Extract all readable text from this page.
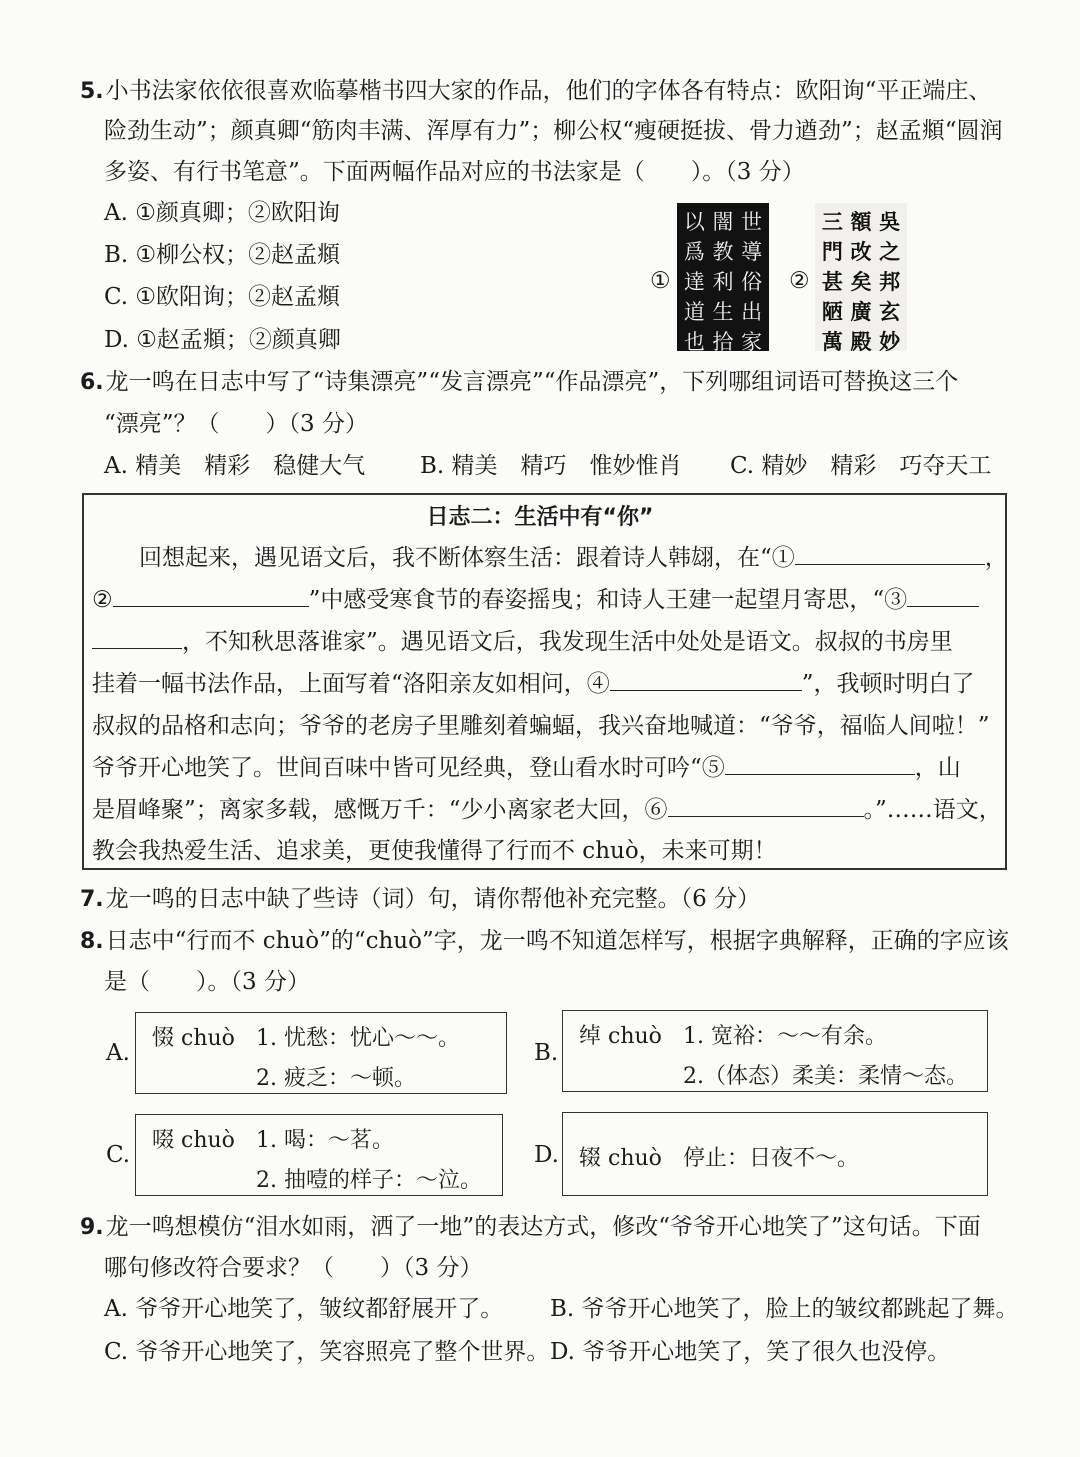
5.小书法家依依很喜欢临摹楷书四大家的作品，他们的字体各有特点：欧阳询“平正端庄、
险劲生动”；颜真卿“筋肉丰满、浑厚有力”；柳公权“瘦硬挺拔、骨力遒劲”；赵孟頫“圆润
多姿、有行书笔意”。下面两幅作品对应的书法家是（　　）。（3 分）
A. ①颜真卿；②欧阳询
B. ①柳公权；②赵孟頫
C. ①欧阳询；②赵孟頫
D. ①赵孟頫；②颜真卿
①
以 闇 世
爲 教 導
達 利 俗
道 生 出
也 拾 家
②
三 額 吳
門 改 之
甚 矣 邦
陋 廣 玄
萬 殿 妙
6.龙一鸣在日志中写了“诗集漂亮”“发言漂亮”“作品漂亮”，下列哪组词语可替换这三个
“漂亮”？（　　）（3 分）
A. 精美　精彩　稳健大气 B. 精美　精巧　惟妙惟肖 C. 精妙　精彩　巧夺天工
日志二：生活中有“你”
回想起来，遇见语文后，我不断体察生活：跟着诗人韩翃，在“①	，
②	”中感受寒食节的春姿摇曳；和诗人王建一起望月寄思，“③
，不知秋思落谁家”。遇见语文后，我发现生活中处处是语文。叔叔的书房里
挂着一幅书法作品，上面写着“洛阳亲友如相问，④	”，我顿时明白了
叔叔的品格和志向；爷爷的老房子里雕刻着蝙蝠，我兴奋地喊道：“爷爷，福临人间啦！”
爷爷开心地笑了。世间百味中皆可见经典，登山看水时可吟“⑤	，山
是眉峰聚”；离家多载，感慨万千：“少小离家老大回，⑥	。”……语文，
教会我热爱生活、追求美，更使我懂得了行而不 chuò，未来可期！
7.龙一鸣的日志中缺了些诗（词）句，请你帮他补充完整。（6 分）
8.日志中“行而不 chuò”的“chuò”字，龙一鸣不知道怎样写，根据字典解释，正确的字应该
是（　　）。（3 分）
A.
惙 chuò 1. 忧愁：忧心～～。
2. 疲乏：～顿。
B.
绰 chuò 1. 宽裕：～～有余。
2.（体态）柔美：柔情～态。
C.
啜 chuò 1. 喝：～茗。
2. 抽噎的样子：～泣。
D. 辍 chuò 停止：日夜不～。
9.龙一鸣想模仿“泪水如雨，洒了一地”的表达方式，修改“爷爷开心地笑了”这句话。下面
哪句修改符合要求？（　　）（3 分）
A. 爷爷开心地笑了，皱纹都舒展开了。 B. 爷爷开心地笑了，脸上的皱纹都跳起了舞。
C. 爷爷开心地笑了，笑容照亮了整个世界。 D. 爷爷开心地笑了，笑了很久也没停。
